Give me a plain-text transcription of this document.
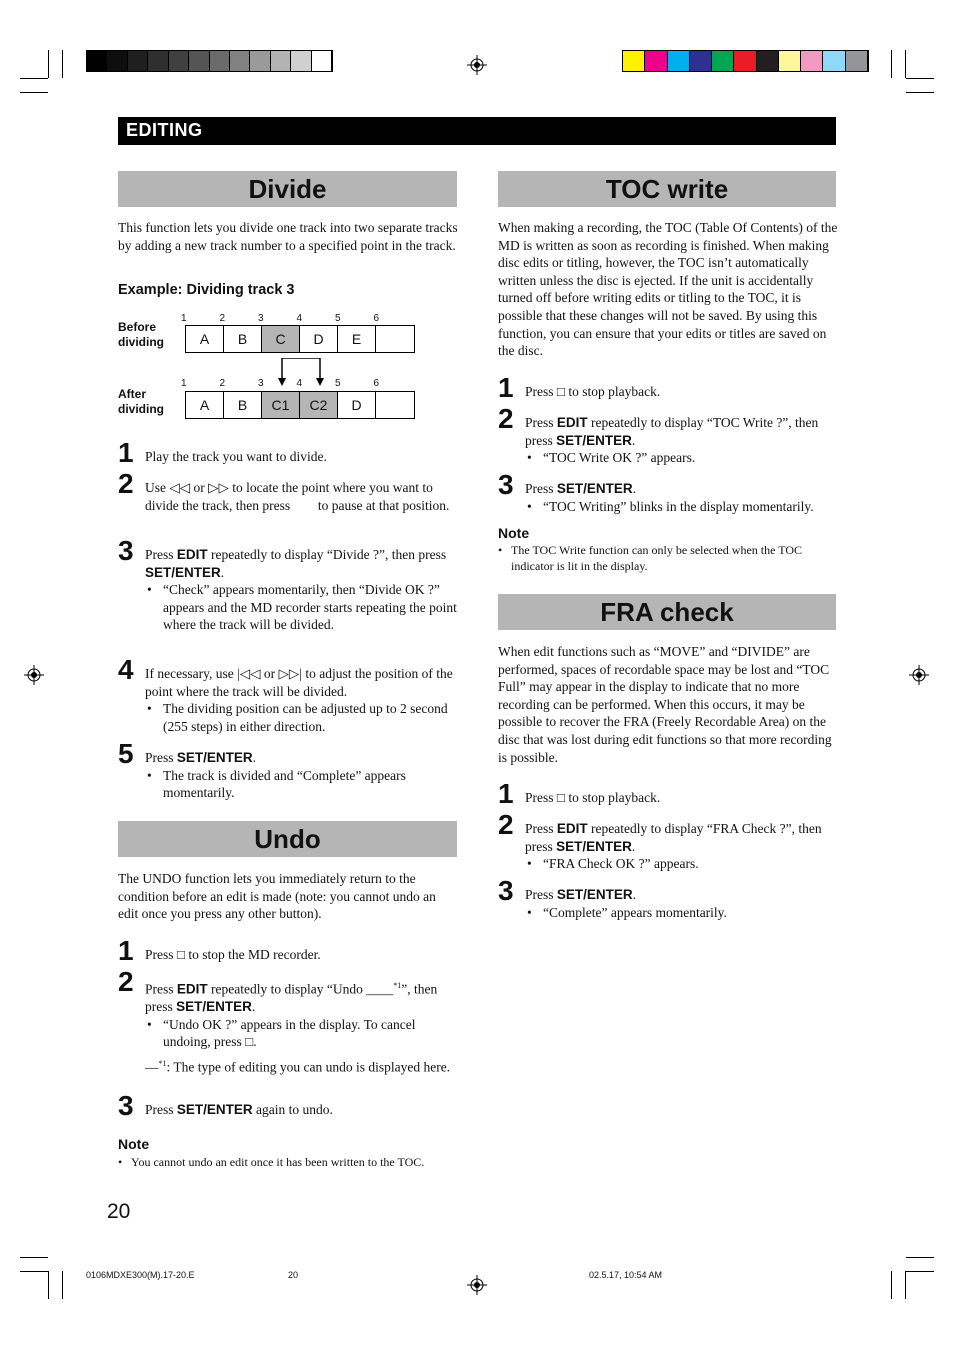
EDITING
Divide
This function lets you divide one track into two separate tracks by adding a new track number to a specified point in the track.
Example: Dividing track 3
Before dividing
1	2	3	4	5	6
A	B	C	D	E
After dividing
1	2	3	4	5	6
A	B	C1	C2	D
1 Play the track you want to divide.
2 Use ◁◁ or ▷▷ to locate the point where you want to divide the track, then press ▷⃦ to pause at that position.
3 Press EDIT repeatedly to display “Divide ?”, then press SET/ENTER.
• “Check” appears momentarily, then “Divide OK ?” appears and the MD recorder starts repeating the point where the track will be divided.
4 If necessary, use |◁◁ or ▷▷| to adjust the position of the point where the track will be divided.
• The dividing position can be adjusted up to 2 second (255 steps) in either direction.
5 Press SET/ENTER.
• The track is divided and “Complete” appears momentarily.
Undo
The UNDO function lets you immediately return to the condition before an edit is made (note: you cannot undo an edit once you press any other button).
1 Press □ to stop the MD recorder.
2 Press EDIT repeatedly to display “Undo ____$^{*1}$”, then press SET/ENTER.
• “Undo OK ?” appears in the display. To cancel undoing, press □.
—$^{*1}$: The type of editing you can undo is displayed here.
3 Press SET/ENTER again to undo.
Note
• You cannot undo an edit once it has been written to the TOC.
TOC write
When making a recording, the TOC (Table Of Contents) of the MD is written as soon as recording is finished. When making disc edits or titling, however, the TOC isn’t automatically written unless the disc is ejected. If the unit is accidentally turned off before writing edits or titling to the TOC, it is possible that these changes will not be saved. By using this function, you can ensure that your edits or titles are saved on the disc.
1 Press □ to stop playback.
2 Press EDIT repeatedly to display “TOC Write ?”, then press SET/ENTER.
• “TOC Write OK ?” appears.
3 Press SET/ENTER.
• “TOC Writing” blinks in the display momentarily.
Note
• The TOC Write function can only be selected when the TOC indicator is lit in the display.
FRA check
When edit functions such as “MOVE” and “DIVIDE” are performed, spaces of recordable space may be lost and “TOC Full” may appear in the display to indicate that no more recording can be performed. When this occurs, it may be possible to recover the FRA (Freely Recordable Area) on the disc that was lost during edit functions so that more recording is possible.
1 Press □ to stop playback.
2 Press EDIT repeatedly to display “FRA Check ?”, then press SET/ENTER.
• “FRA Check OK ?” appears.
3 Press SET/ENTER.
• “Complete” appears momentarily.
20
0106MDXE300(M).17-20.E	20	02.5.17, 10:54 AM
